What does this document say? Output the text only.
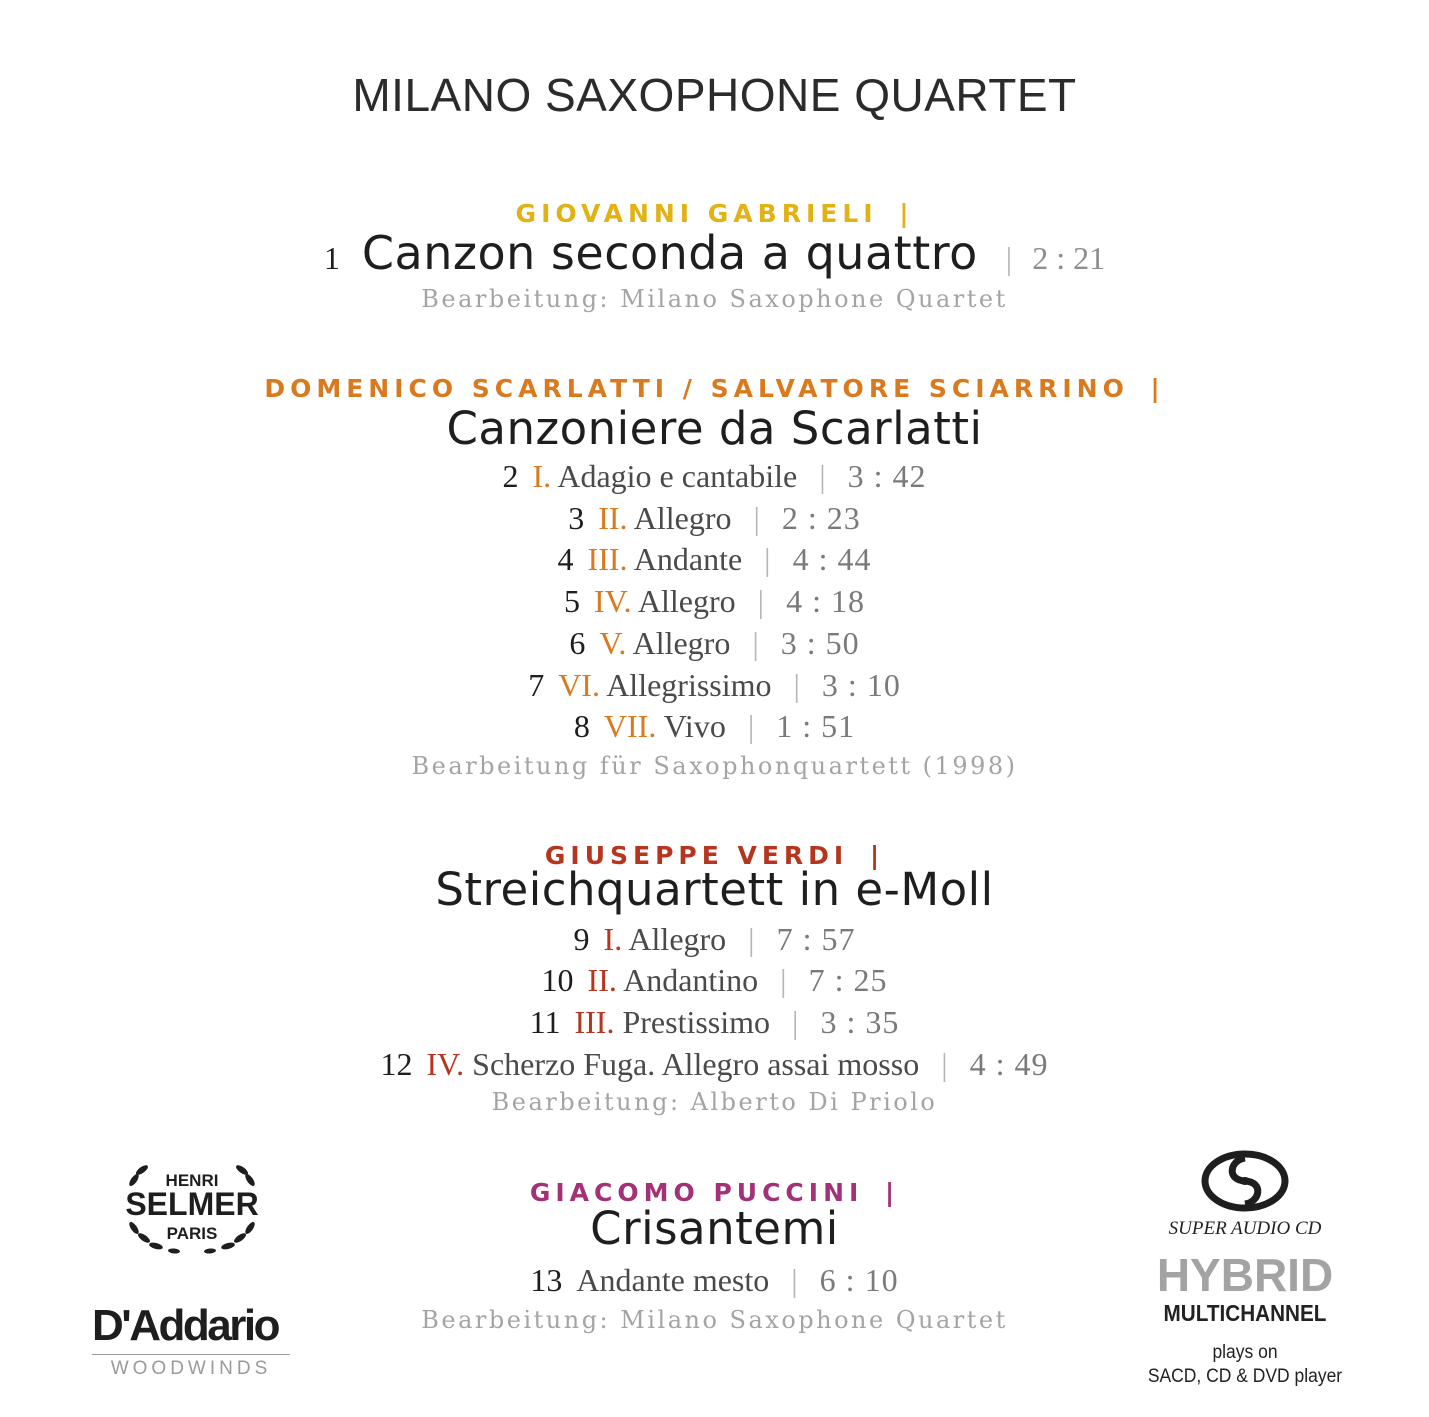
MILANO SAXOPHONE QUARTET
GIOVANNI GABRIELI |
1 Canzon seconda a quattro | 2 : 21
Bearbeitung: Milano Saxophone Quartet
DOMENICO SCARLATTI / SALVATORE SCIARRINO |
Canzoniere da Scarlatti
2 I. Adagio e cantabile | 3 : 42
3 II. Allegro | 2 : 23
4 III. Andante | 4 : 44
5 IV. Allegro | 4 : 18
6 V. Allegro | 3 : 50
7 VI. Allegrissimo | 3 : 10
8 VII. Vivo | 1 : 51
Bearbeitung für Saxophonquartett (1998)
GIUSEPPE VERDI |
Streichquartett in e-Moll
9 I. Allegro | 7 : 57
10 II. Andantino | 7 : 25
11 III. Prestissimo | 3 : 35
12 IV. Scherzo Fuga. Allegro assai mosso | 4 : 49
Bearbeitung: Alberto Di Priolo
GIACOMO PUCCINI |
Crisantemi
13 Andante mesto | 6 : 10
Bearbeitung: Milano Saxophone Quartet
HENRI
SELMER
PARIS
D'Addario
WOODWINDS
SUPER AUDIO CD
HYBRID
MULTICHANNEL
plays on
SACD, CD & DVD player
